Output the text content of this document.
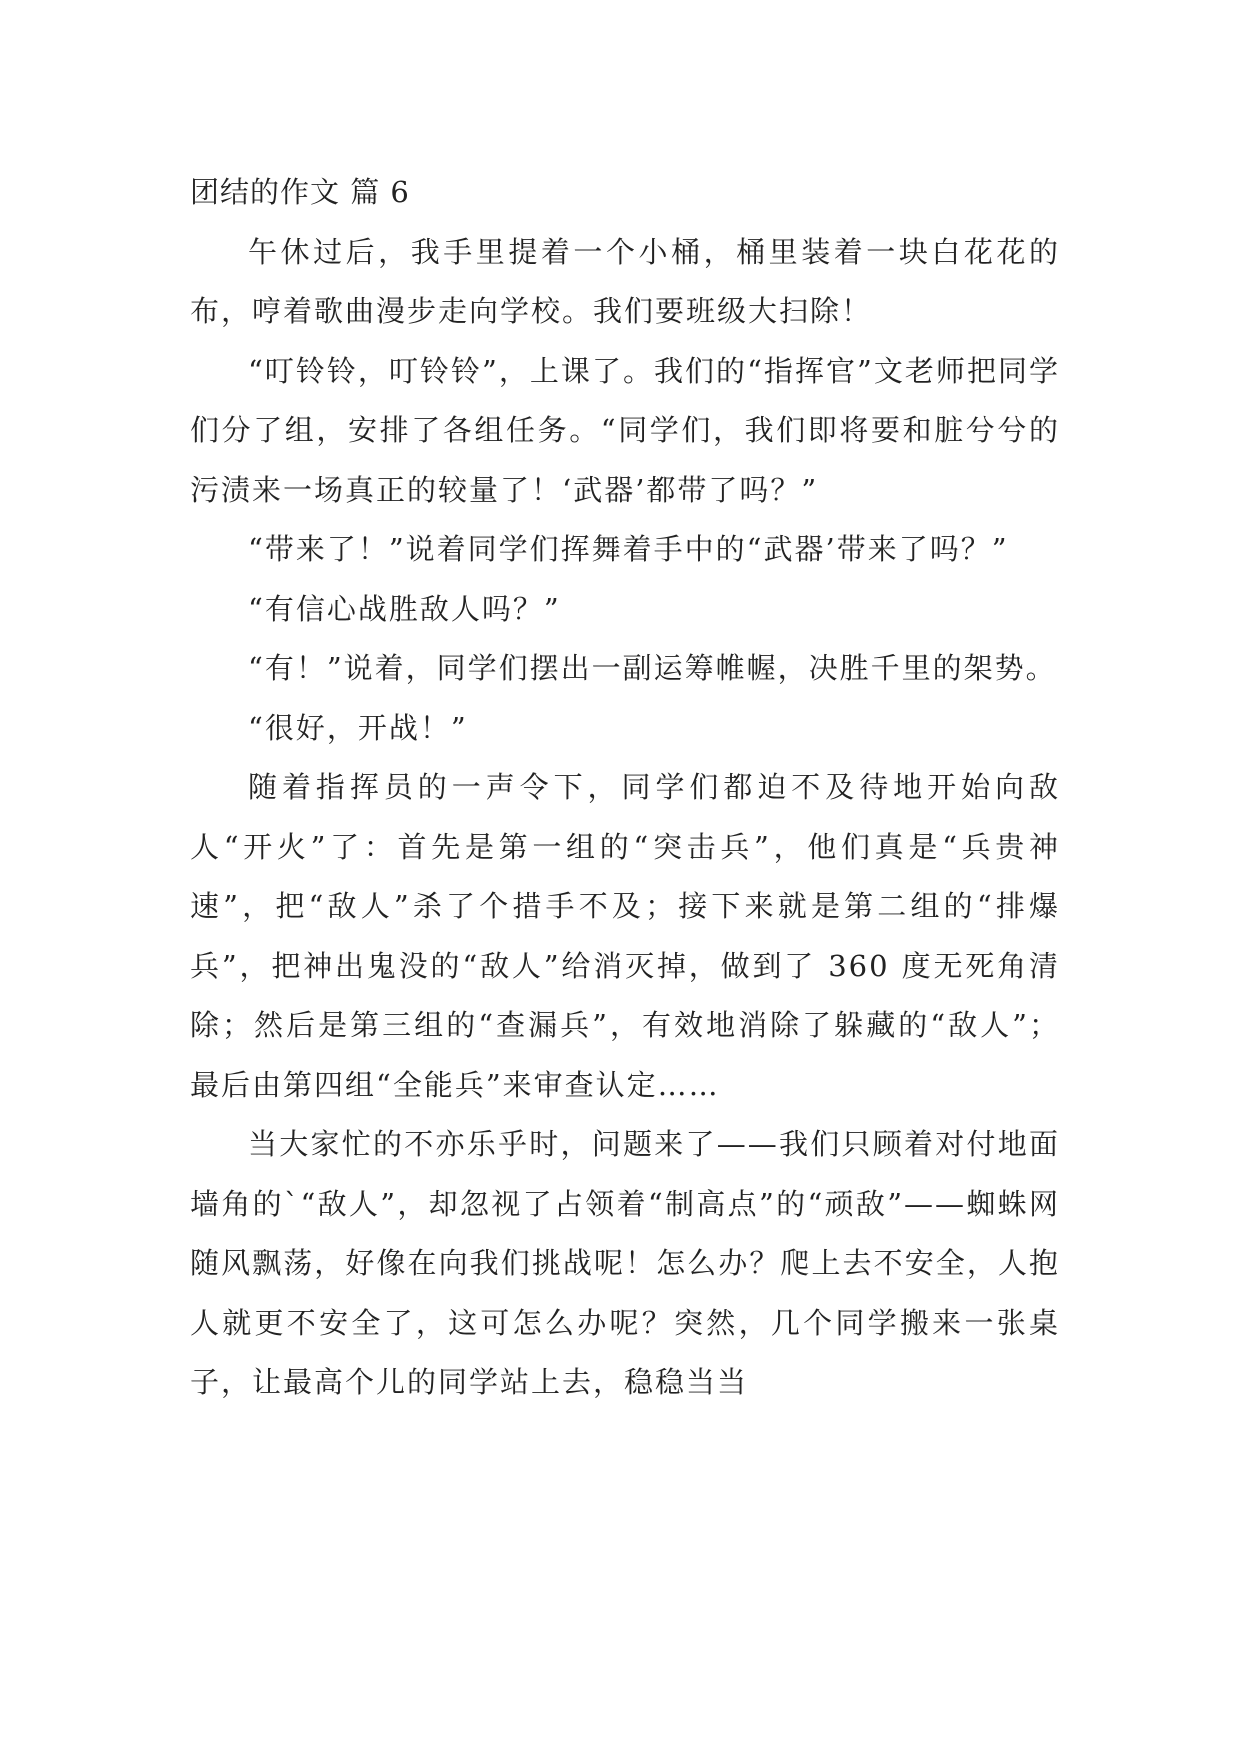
团结的作文 篇 6

午休过后，我手里提着一个小桶，桶里装着一块白花花的布，哼着歌曲漫步走向学校。我们要班级大扫除！

“叮铃铃，叮铃铃”，上课了。我们的“指挥官”文老师把同学们分了组，安排了各组任务。“同学们，我们即将要和脏兮兮的污渍来一场真正的较量了！‘武器’都带了吗？”

“带来了！”说着同学们挥舞着手中的“武器’带来了吗？”

“有信心战胜敌人吗？”

“有！”说着，同学们摆出一副运筹帷幄，决胜千里的架势。

“很好，开战！”

随着指挥员的一声令下，同学们都迫不及待地开始向敌人“开火”了：首先是第一组的“突击兵”，他们真是“兵贵神速”，把“敌人”杀了个措手不及；接下来就是第二组的“排爆兵”，把神出鬼没的“敌人”给消灭掉，做到了 360 度无死角清除；然后是第三组的“查漏兵”，有效地消除了躲藏的“敌人”；最后由第四组“全能兵”来审查认定……

当大家忙的不亦乐乎时，问题来了——我们只顾着对付地面墙角的`“敌人”，却忽视了占领着“制高点”的“顽敌”——蜘蛛网随风飘荡，好像在向我们挑战呢！怎么办？爬上去不安全，人抱人就更不安全了，这可怎么办呢？突然，几个同学搬来一张桌子，让最高个儿的同学站上去，稳稳当当
